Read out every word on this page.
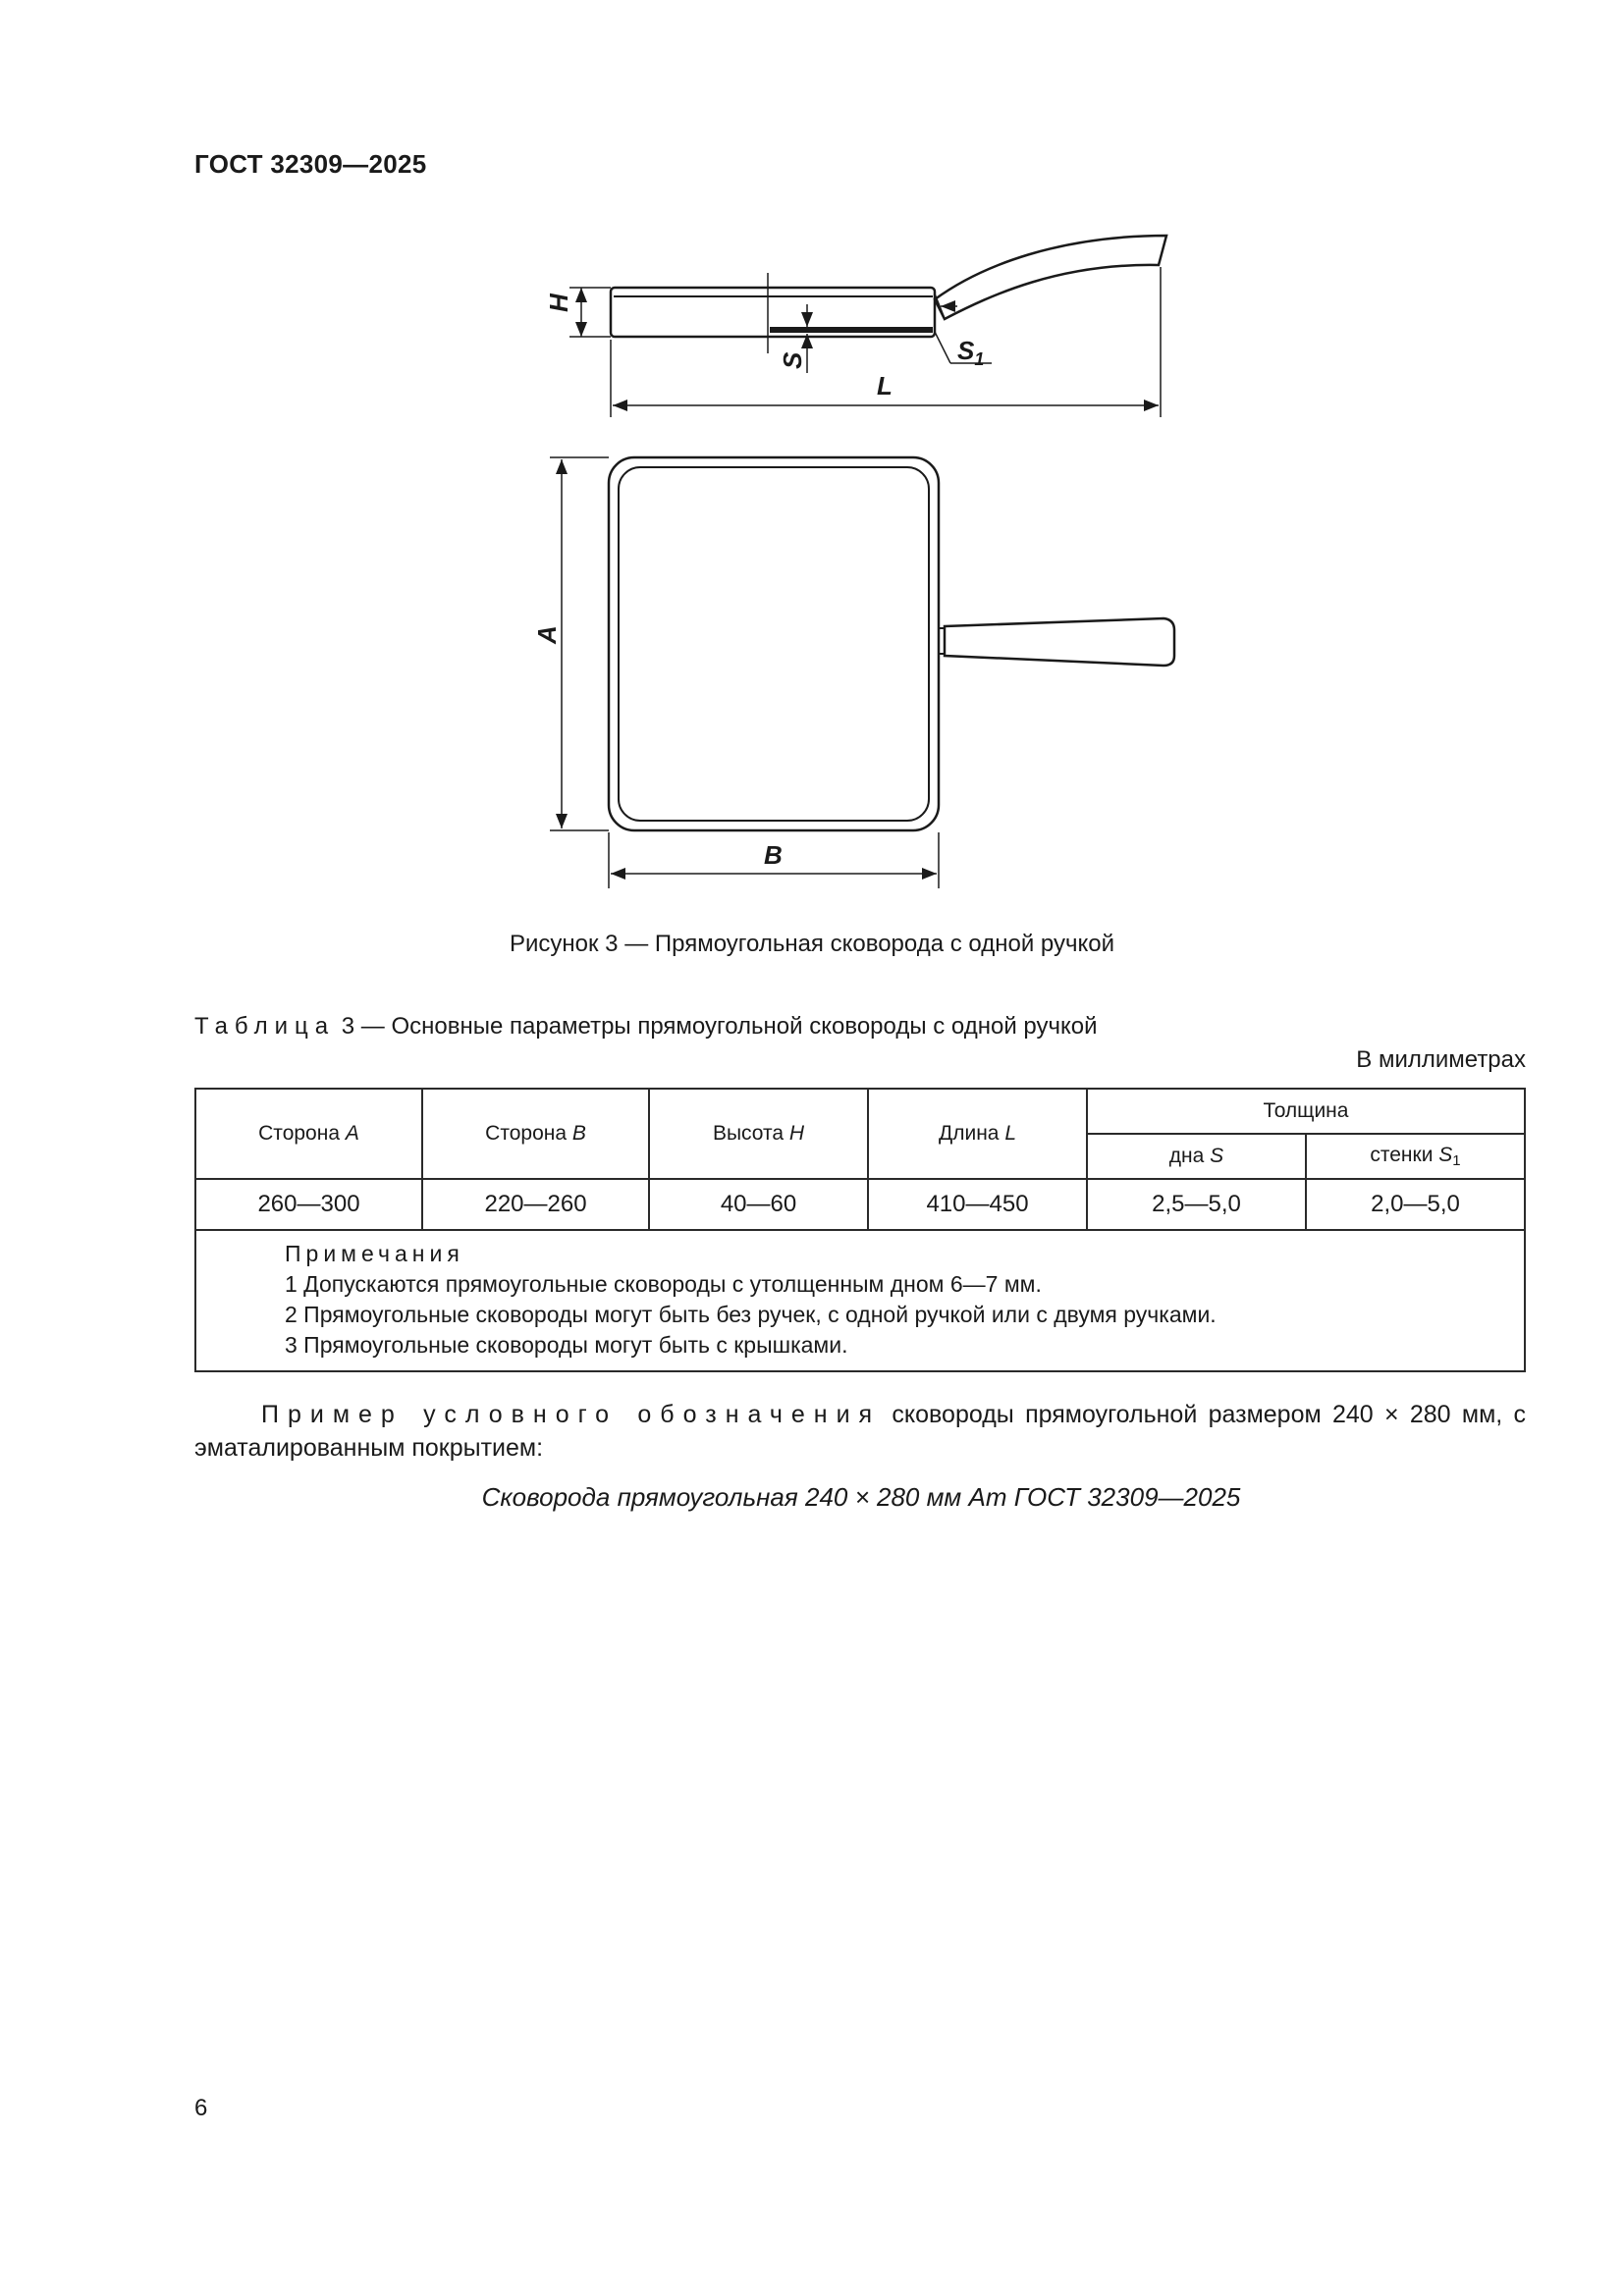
ГОСТ 32309—2025
H
S	$S_1$
L
A
B
Рисунок 3 — Прямоугольная сковорода с одной ручкой
Таблица 3 — Основные параметры прямоугольной сковороды с одной ручкой
В миллиметрах
Сторона A	Сторона B	Высота H	Длина L	Толщина	
				дна S	стенки $S_1$
260—300	220—260	40—60	410—450	2,5—5,0	2,0—5,0

Примечания
1 Допускаются прямоугольные сковороды с утолщенным дном 6—7 мм.
2 Прямоугольные сковороды могут быть без ручек, с одной ручкой или с двумя ручками.
3 Прямоугольные сковороды могут быть с крышками.					
Пример условного обозначения сковороды прямоугольной размером 240 × 280 мм, с эматалированным покрытием:
Сковорода прямоугольная 240 × 280 мм Ат ГОСТ 32309—2025
6
